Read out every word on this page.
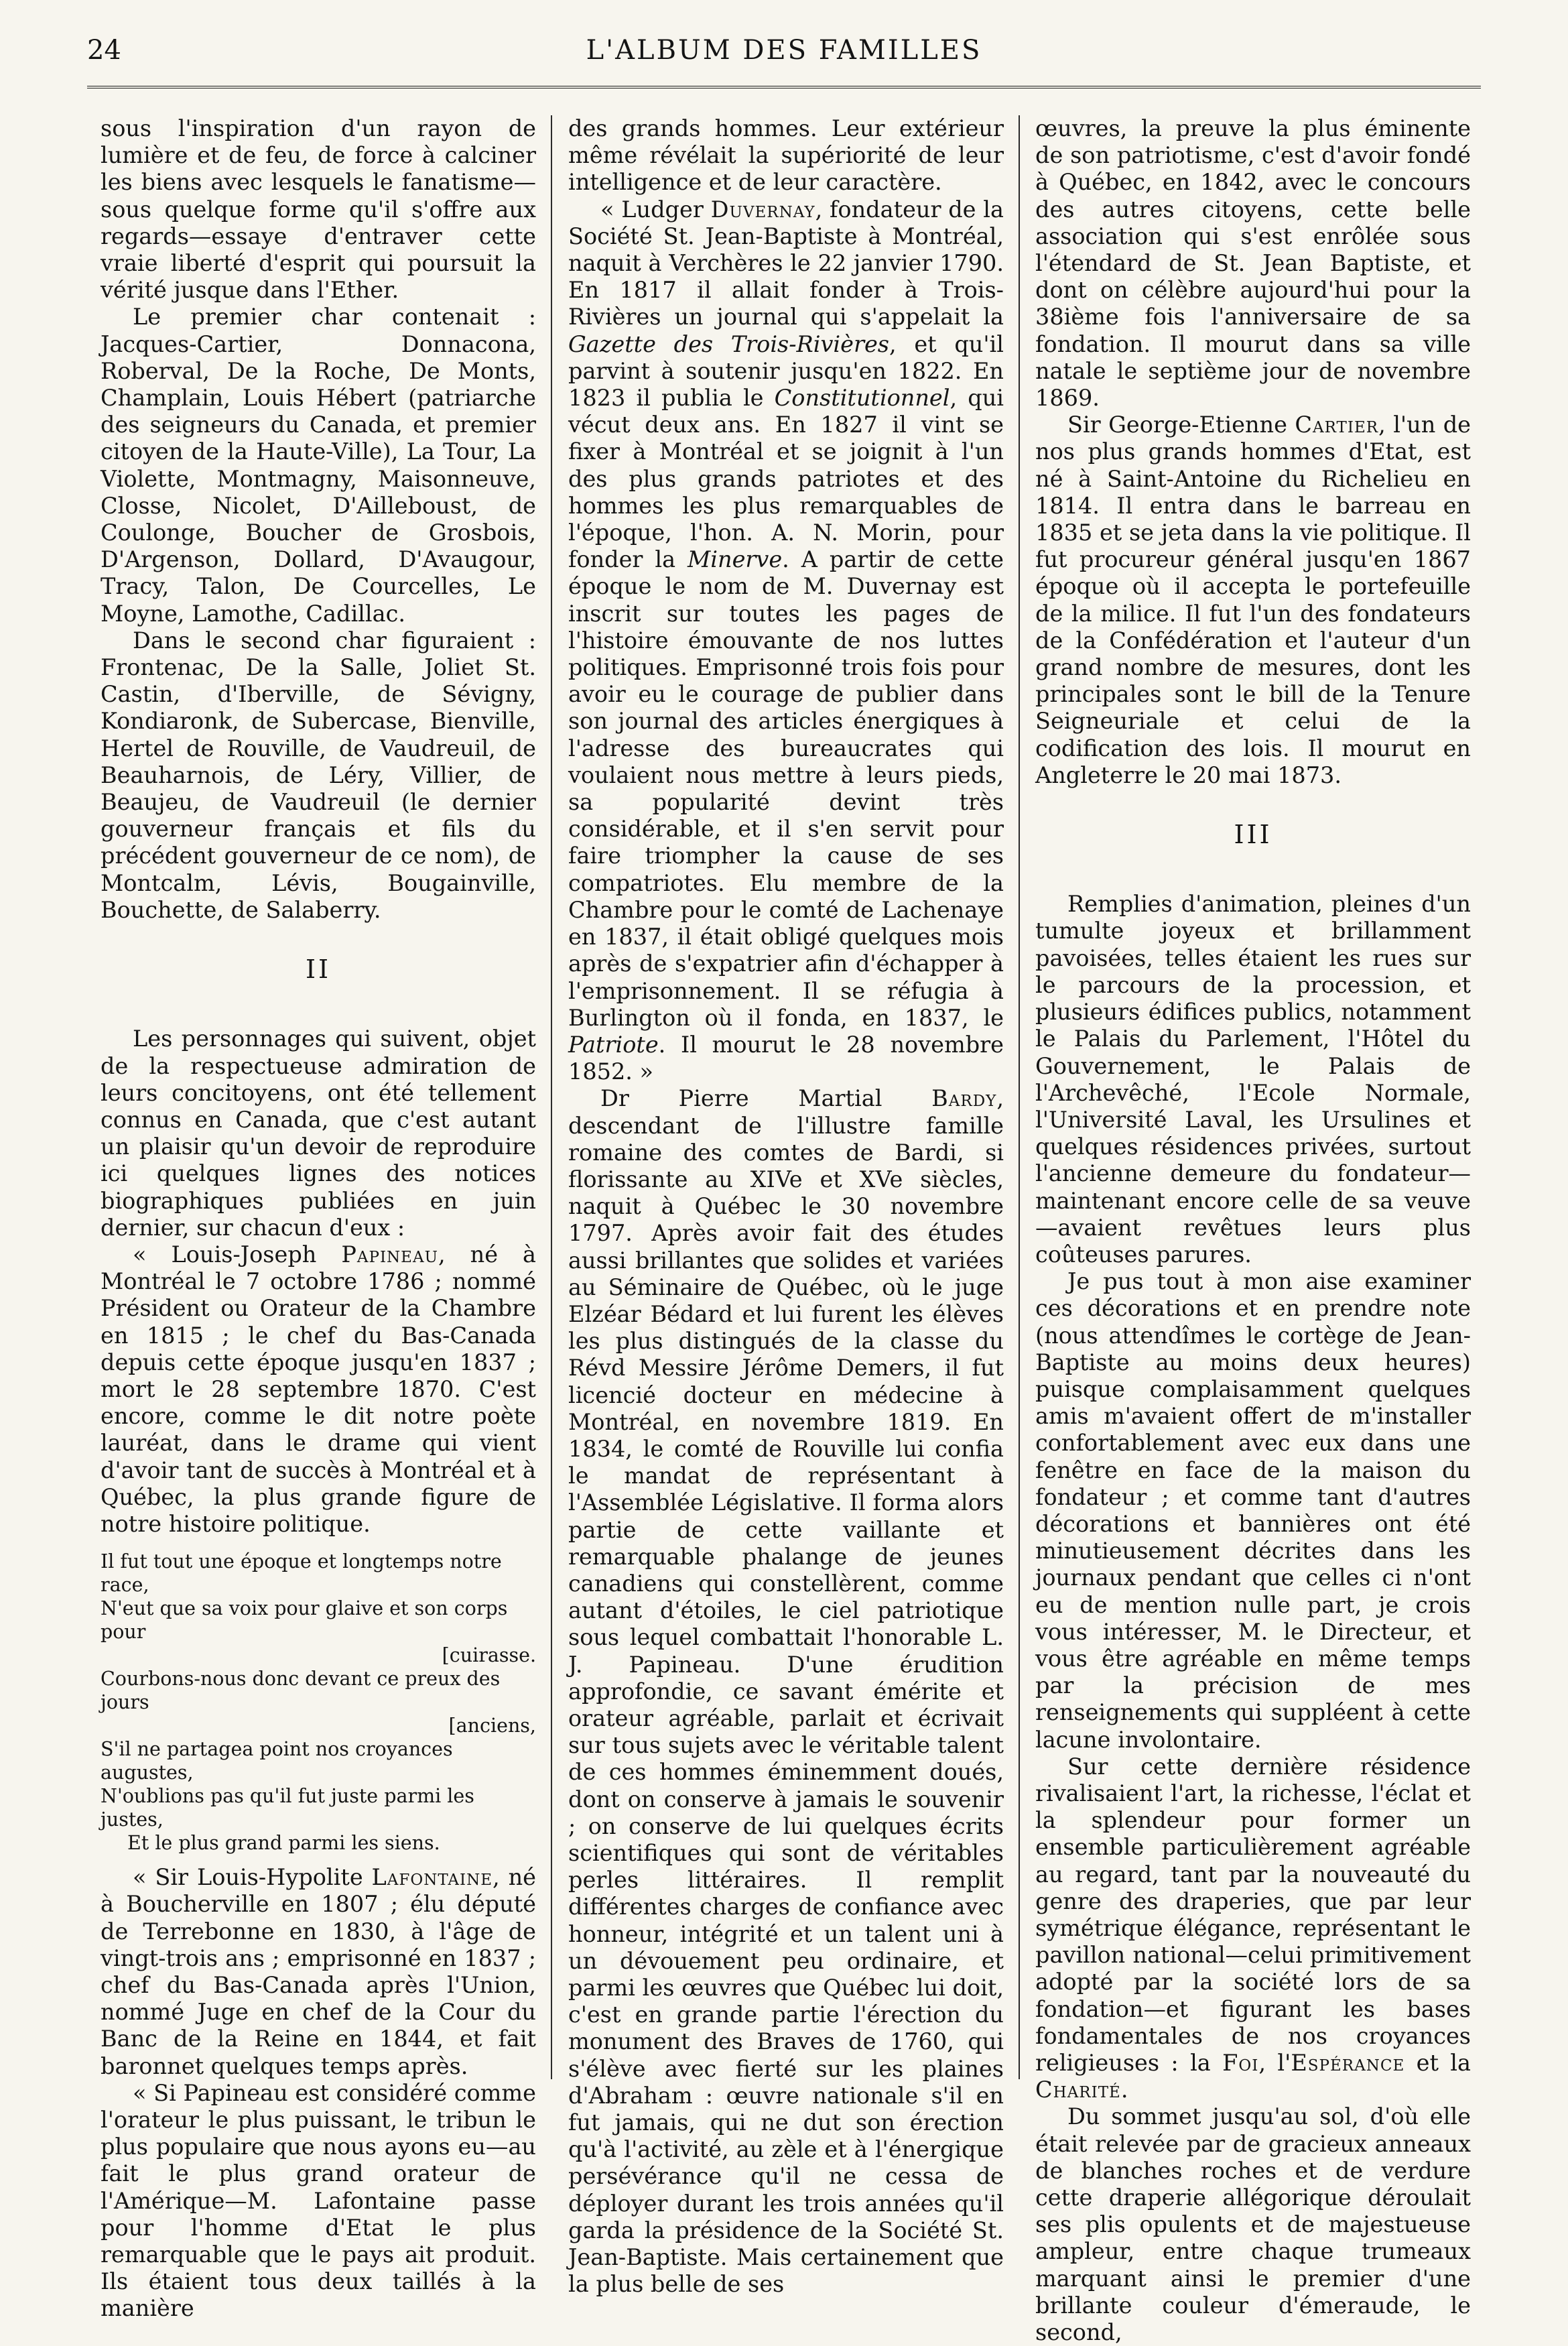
24	L'ALBUM DES FAMILLES

sous l'inspiration d'un rayon de lumière et de feu, de force à calciner les biens avec lesquels le fanatisme—sous quelque forme qu'il s'offre aux regards—essaye d'entraver cette vraie liberté d'esprit qui poursuit la vérité jusque dans l'Ether.

Le premier char contenait : Jacques-Cartier, Donnacona, Roberval, De la Roche, De Monts, Champlain, Louis Hébert (patriarche des seigneurs du Canada, et premier citoyen de la Haute-Ville), La Tour, La Violette, Montmagny, Maisonneuve, Closse, Nicolet, D'Ailleboust, de Coulonge, Boucher de Grosbois, D'Argenson, Dollard, D'Avaugour, Tracy, Talon, De Courcelles, Le Moyne, Lamothe, Cadillac.

Dans le second char figuraient : Frontenac, De la Salle, Joliet St. Castin, d'Iberville, de Sévigny, Kondiaronk, de Subercase, Bienville, Hertel de Rouville, de Vaudreuil, de Beauharnois, de Léry, Villier, de Beaujeu, de Vaudreuil (le dernier gouverneur français et fils du précédent gouverneur de ce nom), de Montcalm, Lévis, Bougainville, Bouchette, de Salaberry.

II

Les personnages qui suivent, objet de la respectueuse admiration de leurs concitoyens, ont été tellement connus en Canada, que c'est autant un plaisir qu'un devoir de reproduire ici quelques lignes des notices biographiques publiées en juin dernier, sur chacun d'eux :

« Louis-Joseph Papineau, né à Montréal le 7 octobre 1786 ; nommé Président ou Orateur de la Chambre en 1815 ; le chef du Bas-Canada depuis cette époque jusqu'en 1837 ; mort le 28 septembre 1870. C'est encore, comme le dit notre poète lauréat, dans le drame qui vient d'avoir tant de succès à Montréal et à Québec, la plus grande figure de notre histoire politique.

Il fut tout une époque et longtemps notre race,
N'eut que sa voix pour glaive et son corps pour
[cuirasse.
Courbons-nous donc devant ce preux des jours
[anciens,
S'il ne partagea point nos croyances augustes,
N'oublions pas qu'il fut juste parmi les justes,
Et le plus grand parmi les siens.

« Sir Louis-Hypolite Lafontaine, né à Boucherville en 1807 ; élu député de Terrebonne en 1830, à l'âge de vingt-trois ans ; emprisonné en 1837 ; chef du Bas-Canada après l'Union, nommé Juge en chef de la Cour du Banc de la Reine en 1844, et fait baronnet quelques temps après.

« Si Papineau est considéré comme l'orateur le plus puissant, le tribun le plus populaire que nous ayons eu—au fait le plus grand orateur de l'Amérique—M. Lafontaine passe pour l'homme d'Etat le plus remarquable que le pays ait produit. Ils étaient tous deux taillés à la manière

des grands hommes. Leur extérieur même révélait la supériorité de leur intelligence et de leur caractère.

« Ludger Duvernay, fondateur de la Société St. Jean-Baptiste à Montréal, naquit à Verchères le 22 janvier 1790. En 1817 il allait fonder à Trois-Rivières un journal qui s'appelait la Gazette des Trois-Rivières, et qu'il parvint à soutenir jusqu'en 1822. En 1823 il publia le Constitutionnel, qui vécut deux ans. En 1827 il vint se fixer à Montréal et se joignit à l'un des plus grands patriotes et des hommes les plus remarquables de l'époque, l'hon. A. N. Morin, pour fonder la Minerve. A partir de cette époque le nom de M. Duvernay est inscrit sur toutes les pages de l'histoire émouvante de nos luttes politiques. Emprisonné trois fois pour avoir eu le courage de publier dans son journal des articles énergiques à l'adresse des bureaucrates qui voulaient nous mettre à leurs pieds, sa popularité devint très considérable, et il s'en servit pour faire triompher la cause de ses compatriotes. Elu membre de la Chambre pour le comté de Lachenaye en 1837, il était obligé quelques mois après de s'expatrier afin d'échapper à l'emprisonnement. Il se réfugia à Burlington où il fonda, en 1837, le Patriote. Il mourut le 28 novembre 1852. »

Dr Pierre Martial Bardy, descendant de l'illustre famille romaine des comtes de Bardi, si florissante au XIVe et XVe siècles, naquit à Québec le 30 novembre 1797. Après avoir fait des études aussi brillantes que solides et variées au Séminaire de Québec, où le juge Elzéar Bédard et lui furent les élèves les plus distingués de la classe du Révd Messire Jérôme Demers, il fut licencié docteur en médecine à Montréal, en novembre 1819. En 1834, le comté de Rouville lui confia le mandat de représentant à l'Assemblée Législative. Il forma alors partie de cette vaillante et remarquable phalange de jeunes canadiens qui constellèrent, comme autant d'étoiles, le ciel patriotique sous lequel combattait l'honorable L. J. Papineau. D'une érudition approfondie, ce savant émérite et orateur agréable, parlait et écrivait sur tous sujets avec le véritable talent de ces hommes éminemment doués, dont on conserve à jamais le souvenir ; on conserve de lui quelques écrits scientifiques qui sont de véritables perles littéraires. Il remplit différentes charges de confiance avec honneur, intégrité et un talent uni à un dévouement peu ordinaire, et parmi les œuvres que Québec lui doit, c'est en grande partie l'érection du monument des Braves de 1760, qui s'élève avec fierté sur les plaines d'Abraham : œuvre nationale s'il en fut jamais, qui ne dut son érection qu'à l'activité, au zèle et à l'énergique persévérance qu'il ne cessa de déployer durant les trois années qu'il garda la présidence de la Société St. Jean-Baptiste. Mais certainement que la plus belle de ses

œuvres, la preuve la plus éminente de son patriotisme, c'est d'avoir fondé à Québec, en 1842, avec le concours des autres citoyens, cette belle association qui s'est enrôlée sous l'étendard de St. Jean Baptiste, et dont on célèbre aujourd'hui pour la 38ième fois l'anniversaire de sa fondation. Il mourut dans sa ville natale le septième jour de novembre 1869.

Sir George-Etienne Cartier, l'un de nos plus grands hommes d'Etat, est né à Saint-Antoine du Richelieu en 1814. Il entra dans le barreau en 1835 et se jeta dans la vie politique. Il fut procureur général jusqu'en 1867 époque où il accepta le portefeuille de la milice. Il fut l'un des fondateurs de la Confédération et l'auteur d'un grand nombre de mesures, dont les principales sont le bill de la Tenure Seigneuriale et celui de la codification des lois. Il mourut en Angleterre le 20 mai 1873.

III

Remplies d'animation, pleines d'un tumulte joyeux et brillamment pavoisées, telles étaient les rues sur le parcours de la procession, et plusieurs édifices publics, notamment le Palais du Parlement, l'Hôtel du Gouvernement, le Palais de l'Archevêché, l'Ecole Normale, l'Université Laval, les Ursulines et quelques résidences privées, surtout l'ancienne demeure du fondateur—maintenant encore celle de sa veuve—avaient revêtues leurs plus coûteuses parures.

Je pus tout à mon aise examiner ces décorations et en prendre note (nous attendîmes le cortège de Jean-Baptiste au moins deux heures) puisque complaisamment quelques amis m'avaient offert de m'installer confortablement avec eux dans une fenêtre en face de la maison du fondateur ; et comme tant d'autres décorations et bannières ont été minutieusement décrites dans les journaux pendant que celles ci n'ont eu de mention nulle part, je crois vous intéresser, M. le Directeur, et vous être agréable en même temps par la précision de mes renseignements qui suppléent à cette lacune involontaire.

Sur cette dernière résidence rivalisaient l'art, la richesse, l'éclat et la splendeur pour former un ensemble particulièrement agréable au regard, tant par la nouveauté du genre des draperies, que par leur symétrique élégance, représentant le pavillon national—celui primitivement adopté par la société lors de sa fondation—et figurant les bases fondamentales de nos croyances religieuses : la Foi, l'Espérance et la Charité.

Du sommet jusqu'au sol, d'où elle était relevée par de gracieux anneaux de blanches roches et de verdure cette draperie allégorique déroulait ses plis opulents et de majestueuse ampleur, entre chaque trumeaux marquant ainsi le premier d'une brillante couleur d'émeraude, le second,
